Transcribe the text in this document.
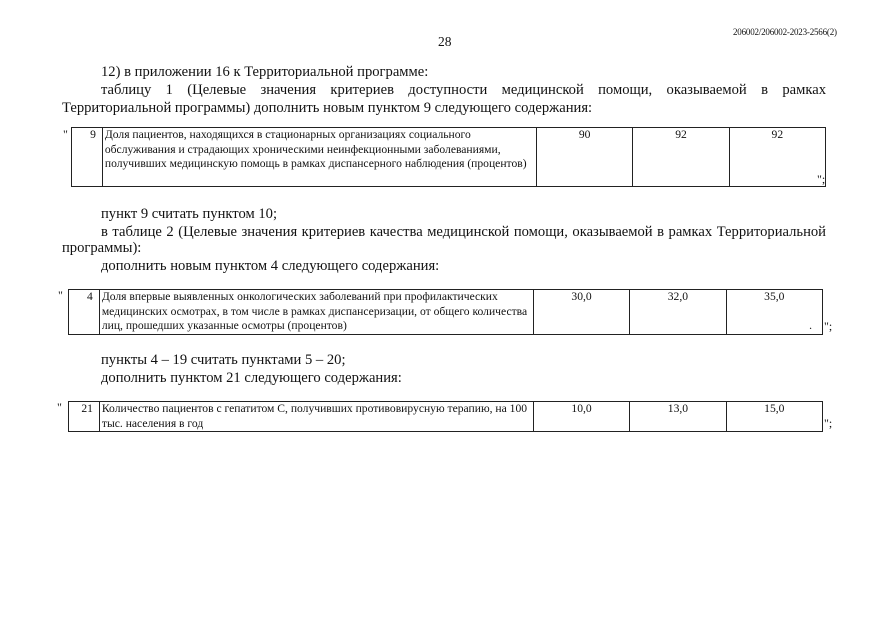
206002/206002-2023-2566(2)
28
12) в приложении 16 к Территориальной программе:
таблицу 1 (Целевые значения критериев доступности медицинской помощи, оказываемой в рамках
Территориальной программы) дополнить новым пунктом 9 следующего содержания:
" 9	Доля пациентов, находящихся в стационарных организациях социального обслуживания и страдающих хроническими неинфекционными заболеваниями, получивших медицинскую помощь в рамках диспансерного наблюдения (процентов)	90	92	92
";
пункт 9 считать пунктом 10;
в таблице 2 (Целевые значения критериев качества медицинской помощи, оказываемой в рамках Территориальной
программы):
дополнить новым пунктом 4 следующего содержания:
" 4	Доля впервые выявленных онкологических заболеваний при профилактических медицинских осмотрах, в том числе в рамках диспансеризации, от общего количества лиц, прошедших указанные осмотры (процентов)	30,0	32,0	35,0
. ";
пункты 4 – 19 считать пунктами 5 – 20;
дополнить пунктом 21 следующего содержания:
" 21	Количество пациентов с гепатитом С, получивших противовирусную терапию, на 100 тыс. населения в год	10,0	13,0	15,0
";
